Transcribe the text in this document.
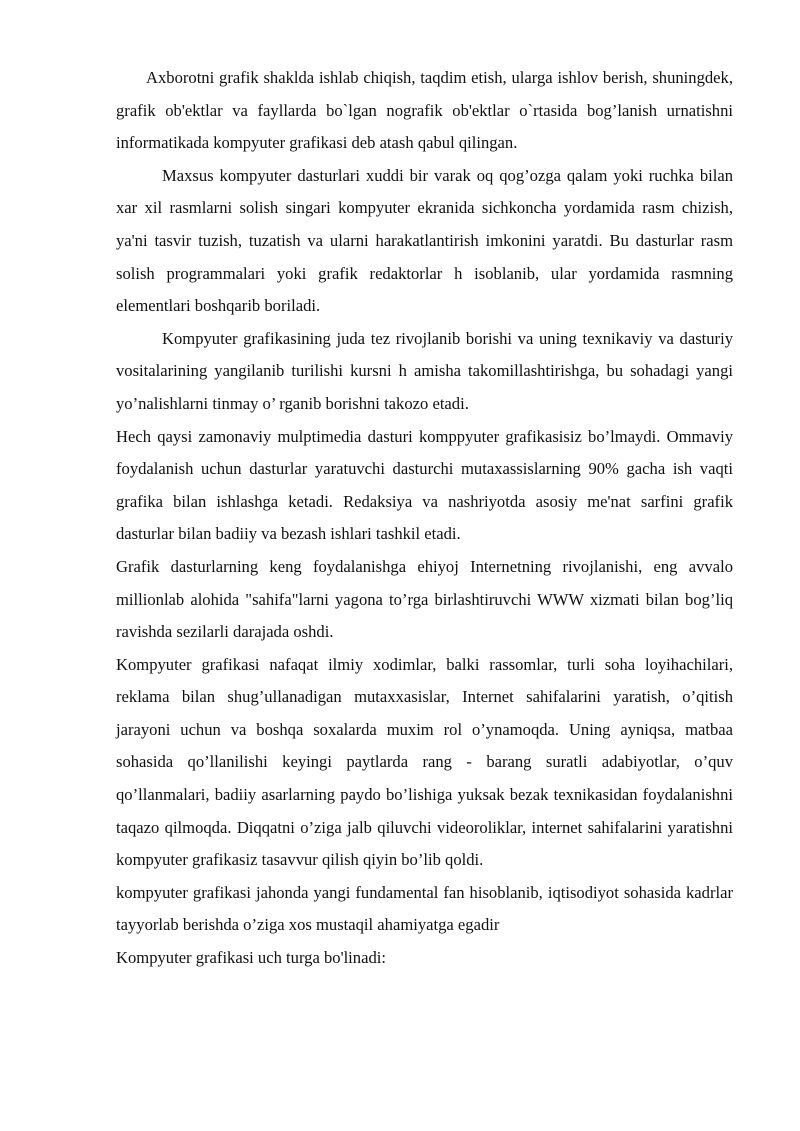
Axborotni grafik shaklda ishlab chiqish, taqdim etish, ularga ishlov berish, shuningdek, grafik ob'ektlar va fayllarda bo`lgan nografik ob'ektlar o`rtasida bog’lanish urnatishni informatikada kompyuter grafikasi deb atash qabul qilingan.

Maxsus kompyuter dasturlari xuddi bir varak oq qog’ozga qalam yoki ruchka bilan xar xil rasmlarni solish singari kompyuter ekranida sichkoncha yordamida rasm chizish, ya'ni tasvir tuzish, tuzatish va ularni harakatlantirish imkonini yaratdi. Bu dasturlar rasm solish programmalari yoki grafik redaktorlar h isoblanib, ular yordamida rasmning elementlari boshqarib boriladi.

Kompyuter grafikasining juda tez rivojlanib borishi va uning texnikaviy va dasturiy vositalarining yangilanib turilishi kursni h amisha takomillashtirishga, bu sohadagi yangi yo’nalishlarni tinmay o’ rganib borishni takozo etadi.

Hech qaysi zamonaviy mulptimedia dasturi komppyuter grafikasisiz bo’lmaydi. Ommaviy foydalanish uchun dasturlar yaratuvchi dasturchi mutaxassislarning 90% gacha ish vaqti grafika bilan ishlashga ketadi. Redaksiya va nashriyotda asosiy me'nat sarfini grafik dasturlar bilan badiiy va bezash ishlari tashkil etadi.

Grafik dasturlarning keng foydalanishga ehiyoj Internetning rivojlanishi, eng avvalo millionlab alohida "sahifa"larni yagona to’rga birlashtiruvchi WWW xizmati bilan bog’liq ravishda sezilarli darajada oshdi.

Kompyuter grafikasi nafaqat ilmiy xodimlar, balki rassomlar, turli soha loyihachilari, reklama bilan shug’ullanadigan mutaxxasislar, Internet sahifalarini yaratish, o’qitish jarayoni uchun va boshqa soxalarda muxim rol o’ynamoqda. Uning ayniqsa, matbaa sohasida qo’llanilishi keyingi paytlarda rang - barang suratli adabiyotlar, o’quv qo’llanmalari, badiiy asarlarning paydo bo’lishiga yuksak bezak texnikasidan foydalanishni taqazo qilmoqda. Diqqatni o’ziga jalb qiluvchi videoroliklar, internet sahifalarini yaratishni kompyuter grafikasiz tasavvur qilish qiyin bo’lib qoldi.

kompyuter grafikasi jahonda yangi fundamental fan hisoblanib, iqtisodiyot sohasida kadrlar tayyorlab berishda o’ziga xos mustaqil ahamiyatga egadir

Kompyuter grafikasi uch turga bo'linadi:
